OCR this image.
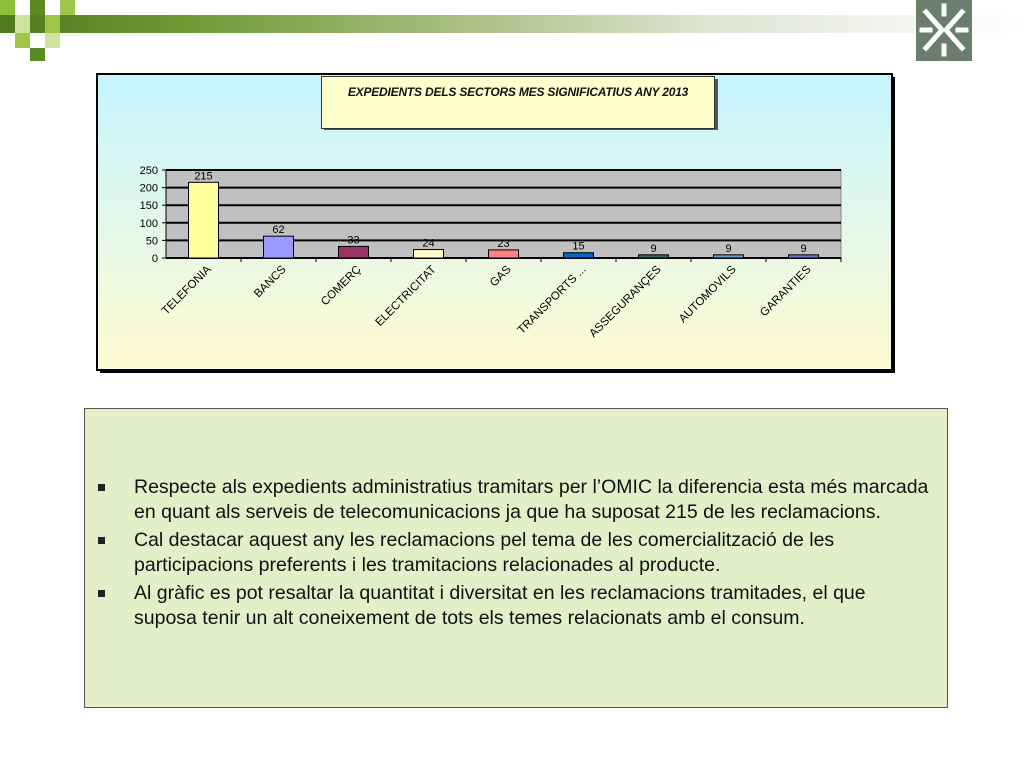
EXPEDIENTS DELS SECTORS MES SIGNIFICATIUS ANY 2013
0
50
100
150
200
250	215
TELEFONIA
62
BANCS
33
COMERÇ
24
ELECTRICITAT
23
GAS
15
TRANSPORTS ...
9
ASSEGURANÇES
9
AUTOMOVILS
9
GARANTIES
Respecte als expedients administratius tramitars per l’OMIC la diferencia esta més marcada en quant als serveis de telecomunicacions ja que ha suposat 215 de les reclamacions.
Cal destacar aquest any les reclamacions pel tema de les comercialització de les participacions preferents i les tramitacions relacionades al producte.
Al gràfic es pot resaltar la quantitat i diversitat en les reclamacions tramitades, el que suposa tenir un alt coneixement de tots els temes relacionats amb el consum.
